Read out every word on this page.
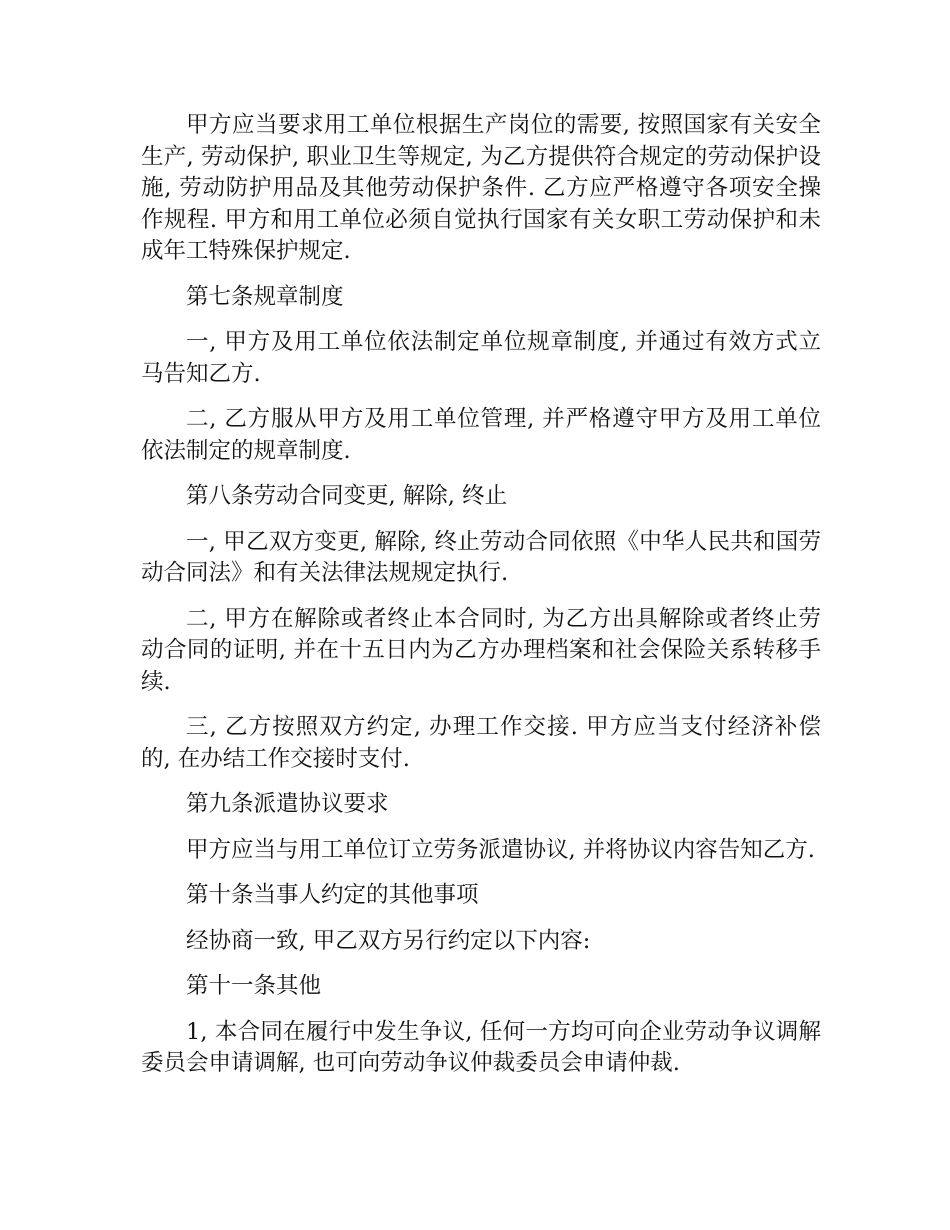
甲方应当要求用工单位根据生产岗位的需要, 按照国家有关安全生产, 劳动保护, 职业卫生等规定, 为乙方提供符合规定的劳动保护设施, 劳动防护用品及其他劳动保护条件. 乙方应严格遵守各项安全操作规程. 甲方和用工单位必须自觉执行国家有关女职工劳动保护和未成年工特殊保护规定.

第七条规章制度

一, 甲方及用工单位依法制定单位规章制度, 并通过有效方式立马告知乙方.

二, 乙方服从甲方及用工单位管理, 并严格遵守甲方及用工单位依法制定的规章制度.

第八条劳动合同变更, 解除, 终止

一, 甲乙双方变更, 解除, 终止劳动合同依照《中华人民共和国劳动合同法》和有关法律法规规定执行.

二, 甲方在解除或者终止本合同时, 为乙方出具解除或者终止劳动合同的证明, 并在十五日内为乙方办理档案和社会保险关系转移手续.

三, 乙方按照双方约定, 办理工作交接. 甲方应当支付经济补偿的, 在办结工作交接时支付.

第九条派遣协议要求

甲方应当与用工单位订立劳务派遣协议, 并将协议内容告知乙方.

第十条当事人约定的其他事项

经协商一致, 甲乙双方另行约定以下内容:

第十一条其他

1, 本合同在履行中发生争议, 任何一方均可向企业劳动争议调解委员会申请调解, 也可向劳动争议仲裁委员会申请仲裁.
